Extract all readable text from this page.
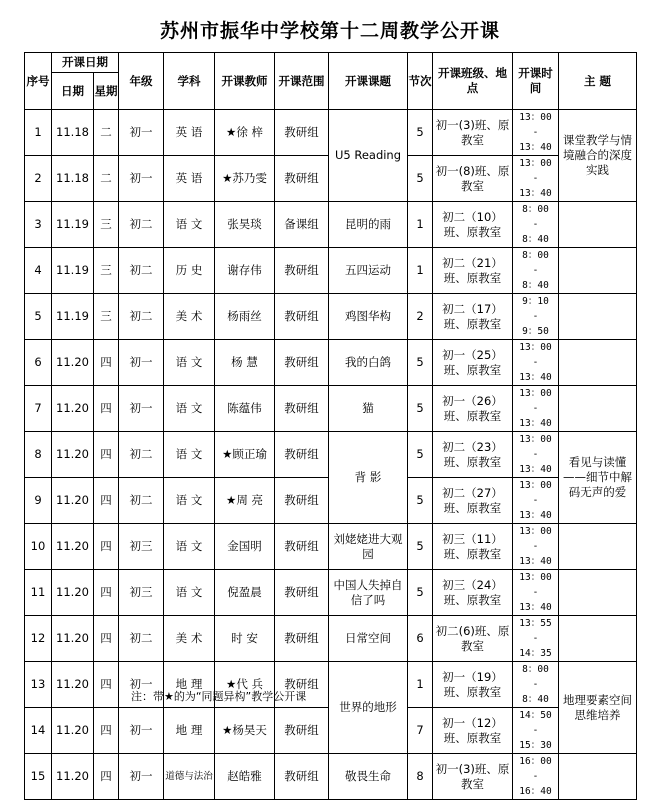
苏州市振华中学校第十二周教学公开课
序号	开课日期		年级	学科	开课教师	开课范围	开课课题	节次	开课班级、地点	开课时间	主 题
	日期	星期									
1	11.18	二	初一	英 语	★徐 梓	教研组	U5 Reading	5	初一(3)班、原教室	13：00
-
13：40	课堂教学与情境融合的深度实践
2	11.18	二	初一	英 语	★苏乃雯	教研组		5	初一(8)班、原教室	13：00
-
13：40	
3	11.19	三	初二	语 文	张昊琰	备课组	昆明的雨	1	初二（10）班、原教室	8：00
-
8：40	
4	11.19	三	初二	历 史	谢存伟	教研组	五四运动	1	初二（21）班、原教室	8：00
-
8：40	
5	11.19	三	初二	美 术	杨雨丝	教研组	鸡图华构	2	初二（17）班、原教室	9：10
-
9：50	
6	11.20	四	初一	语 文	杨 慧	教研组	我的白鸽	5	初一（25）班、原教室	13：00
-
13：40	
7	11.20	四	初一	语 文	陈蕴伟	教研组	猫	5	初一（26）班、原教室	13：00
-
13：40	
8	11.20	四	初二	语 文	★顾正瑜	教研组	背 影	5	初二（23）班、原教室	13：00
-
13：40	看见与读懂——细节中解码无声的爱
9	11.20	四	初二	语 文	★周 亮	教研组		5	初二（27）班、原教室	13：00
-
13：40	
10	11.20	四	初三	语 文	金国明	教研组	刘姥姥进大观园	5	初三（11）班、原教室	13：00
-
13：40	
11	11.20	四	初三	语 文	倪盈晨	教研组	中国人失掉自信了吗	5	初三（24）班、原教室	13：00
-
13：40	
12	11.20	四	初二	美 术	时 安	教研组	日常空间	6	初二(6)班、原教室	13：55
-
14：35	
13	11.20	四	初一	地 理	★代 兵	教研组	世界的地形	1	初一（19）班、原教室	8：00
-
8：40	地理要素空间思维培养
14	11.20	四	初一	地 理	★杨昊天	教研组		7	初一（12）班、原教室	14：50
-
15：30	
15	11.20	四	初一	道德与法治	赵皓雅	教研组	敬畏生命	8	初一(3)班、原教室	16：00
-
16：40	
注：带★的为“同题异构”教学公开课
